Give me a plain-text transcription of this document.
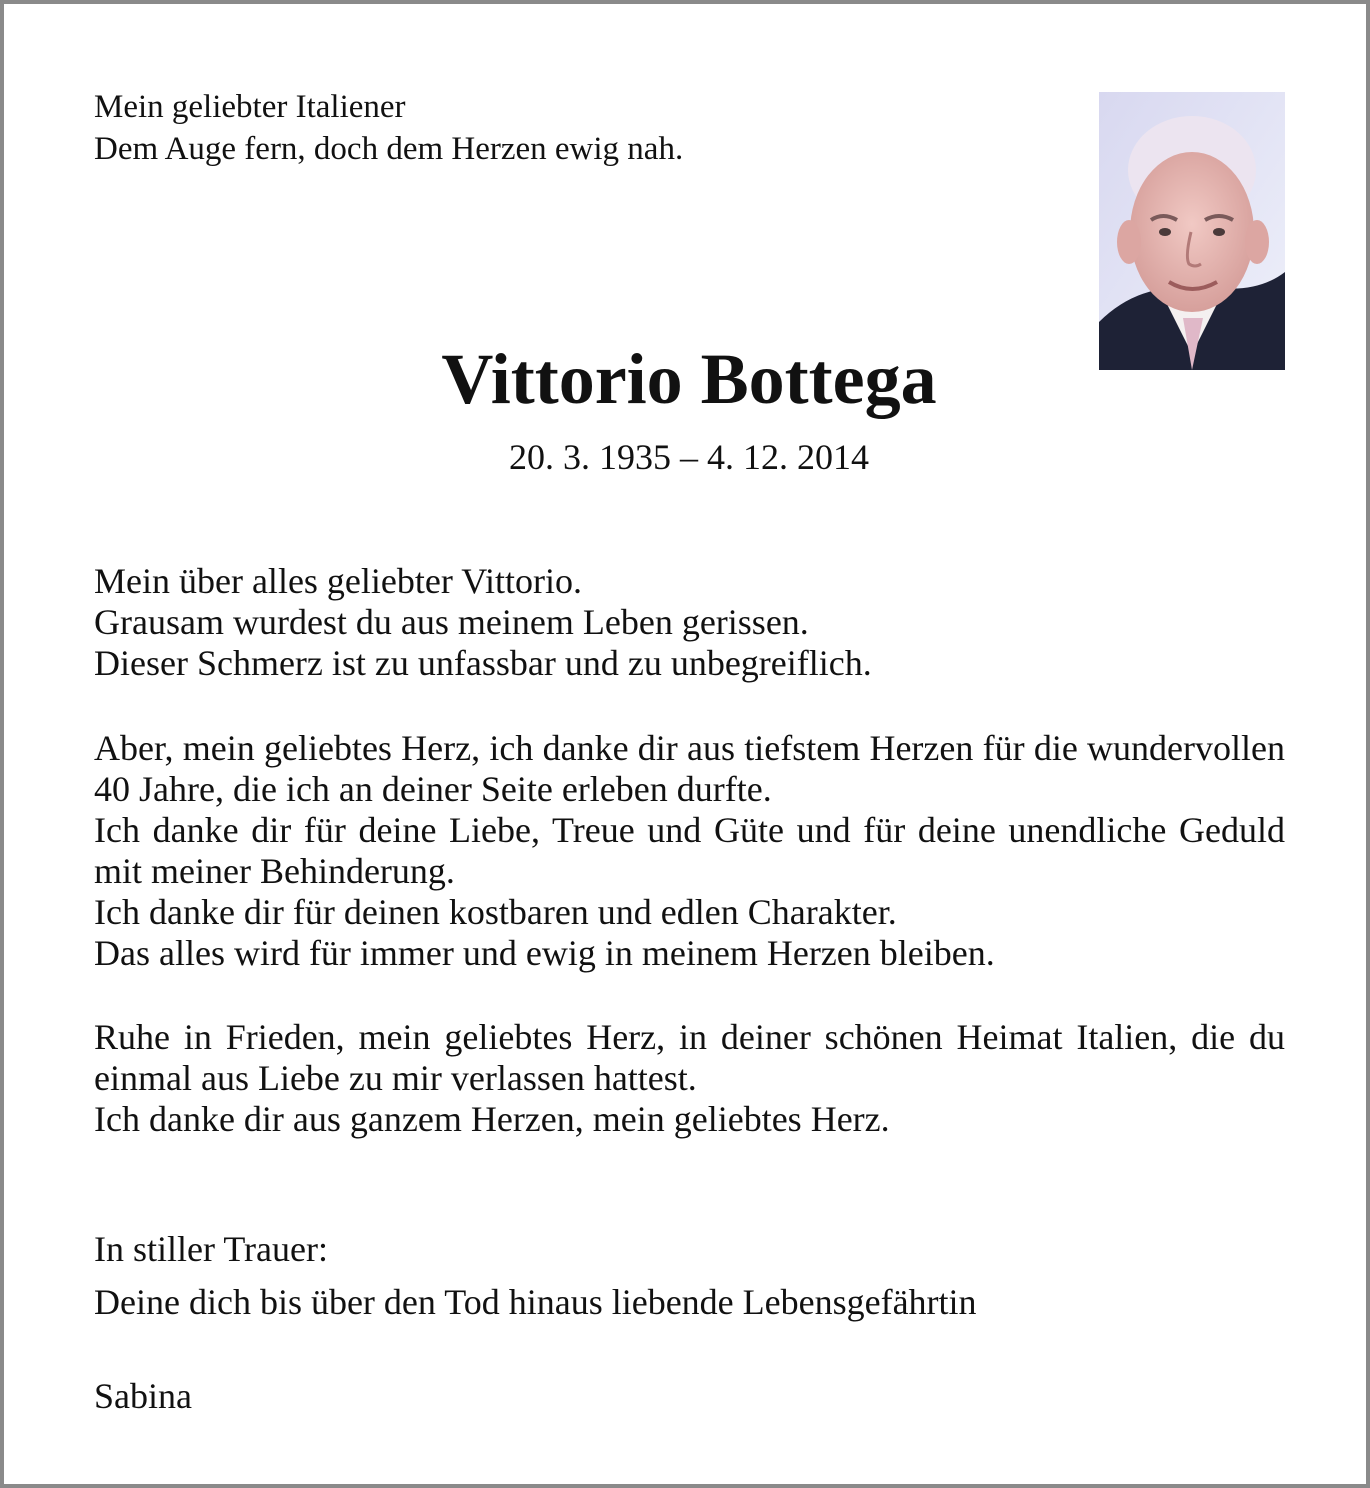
Mein geliebter Italiener
Dem Auge fern, doch dem Herzen ewig nah.

Vittorio Bottega

20. 3. 1935 – 4. 12. 2014

Mein über alles geliebter Vittorio.
Grausam wurdest du aus meinem Leben gerissen.
Dieser Schmerz ist zu unfassbar und zu unbegreiflich.

Aber, mein geliebtes Herz, ich danke dir aus tiefstem Herzen für die wundervollen 40 Jahre, die ich an deiner Seite erleben durfte.
Ich danke dir für deine Liebe, Treue und Güte und für deine unendliche Geduld mit meiner Behinderung.
Ich danke dir für deinen kostbaren und edlen Charakter.
Das alles wird für immer und ewig in meinem Herzen bleiben.

Ruhe in Frieden, mein geliebtes Herz, in deiner schönen Heimat Italien, die du einmal aus Liebe zu mir verlassen hattest.
Ich danke dir aus ganzem Herzen, mein geliebtes Herz.

In stiller Trauer:

Deine dich bis über den Tod hinaus liebende Lebensgefährtin

Sabina
